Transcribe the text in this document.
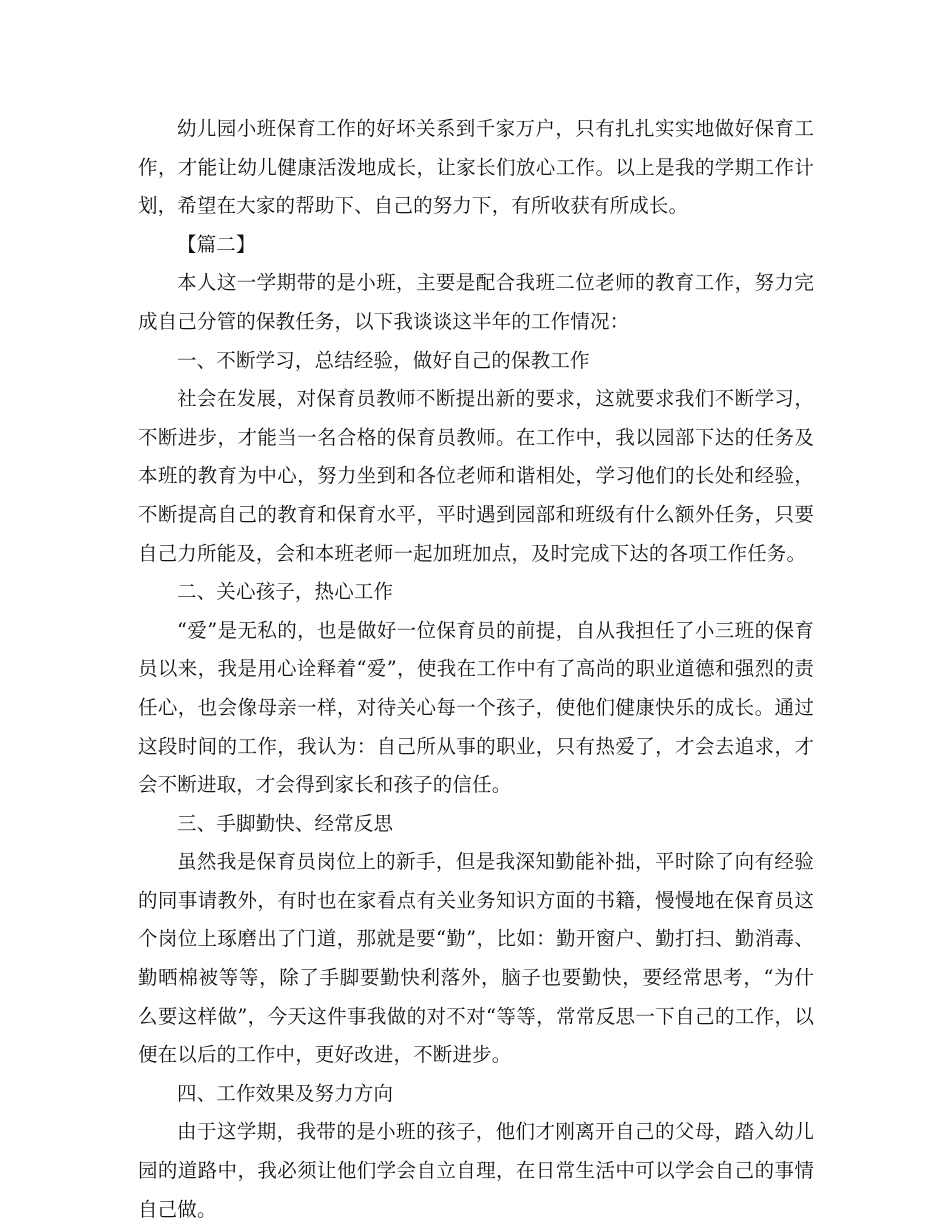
幼儿园小班保育工作的好坏关系到千家万户，只有扎扎实实地做好保育工作，才能让幼儿健康活泼地成长，让家长们放心工作。以上是我的学期工作计划，希望在大家的帮助下、自己的努力下，有所收获有所成长。

【篇二】

本人这一学期带的是小班，主要是配合我班二位老师的教育工作，努力完成自己分管的保教任务，以下我谈谈这半年的工作情况：

一、不断学习，总结经验，做好自己的保教工作

社会在发展，对保育员教师不断提出新的要求，这就要求我们不断学习，不断进步，才能当一名合格的保育员教师。在工作中，我以园部下达的任务及本班的教育为中心，努力坐到和各位老师和谐相处，学习他们的长处和经验，不断提高自己的教育和保育水平，平时遇到园部和班级有什么额外任务，只要自己力所能及，会和本班老师一起加班加点，及时完成下达的各项工作任务。

二、关心孩子，热心工作

“爱”是无私的，也是做好一位保育员的前提，自从我担任了小三班的保育员以来，我是用心诠释着“爱”，使我在工作中有了高尚的职业道德和强烈的责任心，也会像母亲一样，对待关心每一个孩子，使他们健康快乐的成长。通过这段时间的工作，我认为：自己所从事的职业，只有热爱了，才会去追求，才会不断进取，才会得到家长和孩子的信任。

三、手脚勤快、经常反思

虽然我是保育员岗位上的新手，但是我深知勤能补拙，平时除了向有经验的同事请教外，有时也在家看点有关业务知识方面的书籍，慢慢地在保育员这个岗位上琢磨出了门道，那就是要“勤”，比如：勤开窗户、勤打扫、勤消毒、勤晒棉被等等，除了手脚要勤快利落外，脑子也要勤快，要经常思考，“为什么要这样做”，今天这件事我做的对不对“等等，常常反思一下自己的工作，以便在以后的工作中，更好改进，不断进步。

四、工作效果及努力方向

由于这学期，我带的是小班的孩子，他们才刚离开自己的父母，踏入幼儿园的道路中，我必须让他们学会自立自理，在日常生活中可以学会自己的事情自己做。
